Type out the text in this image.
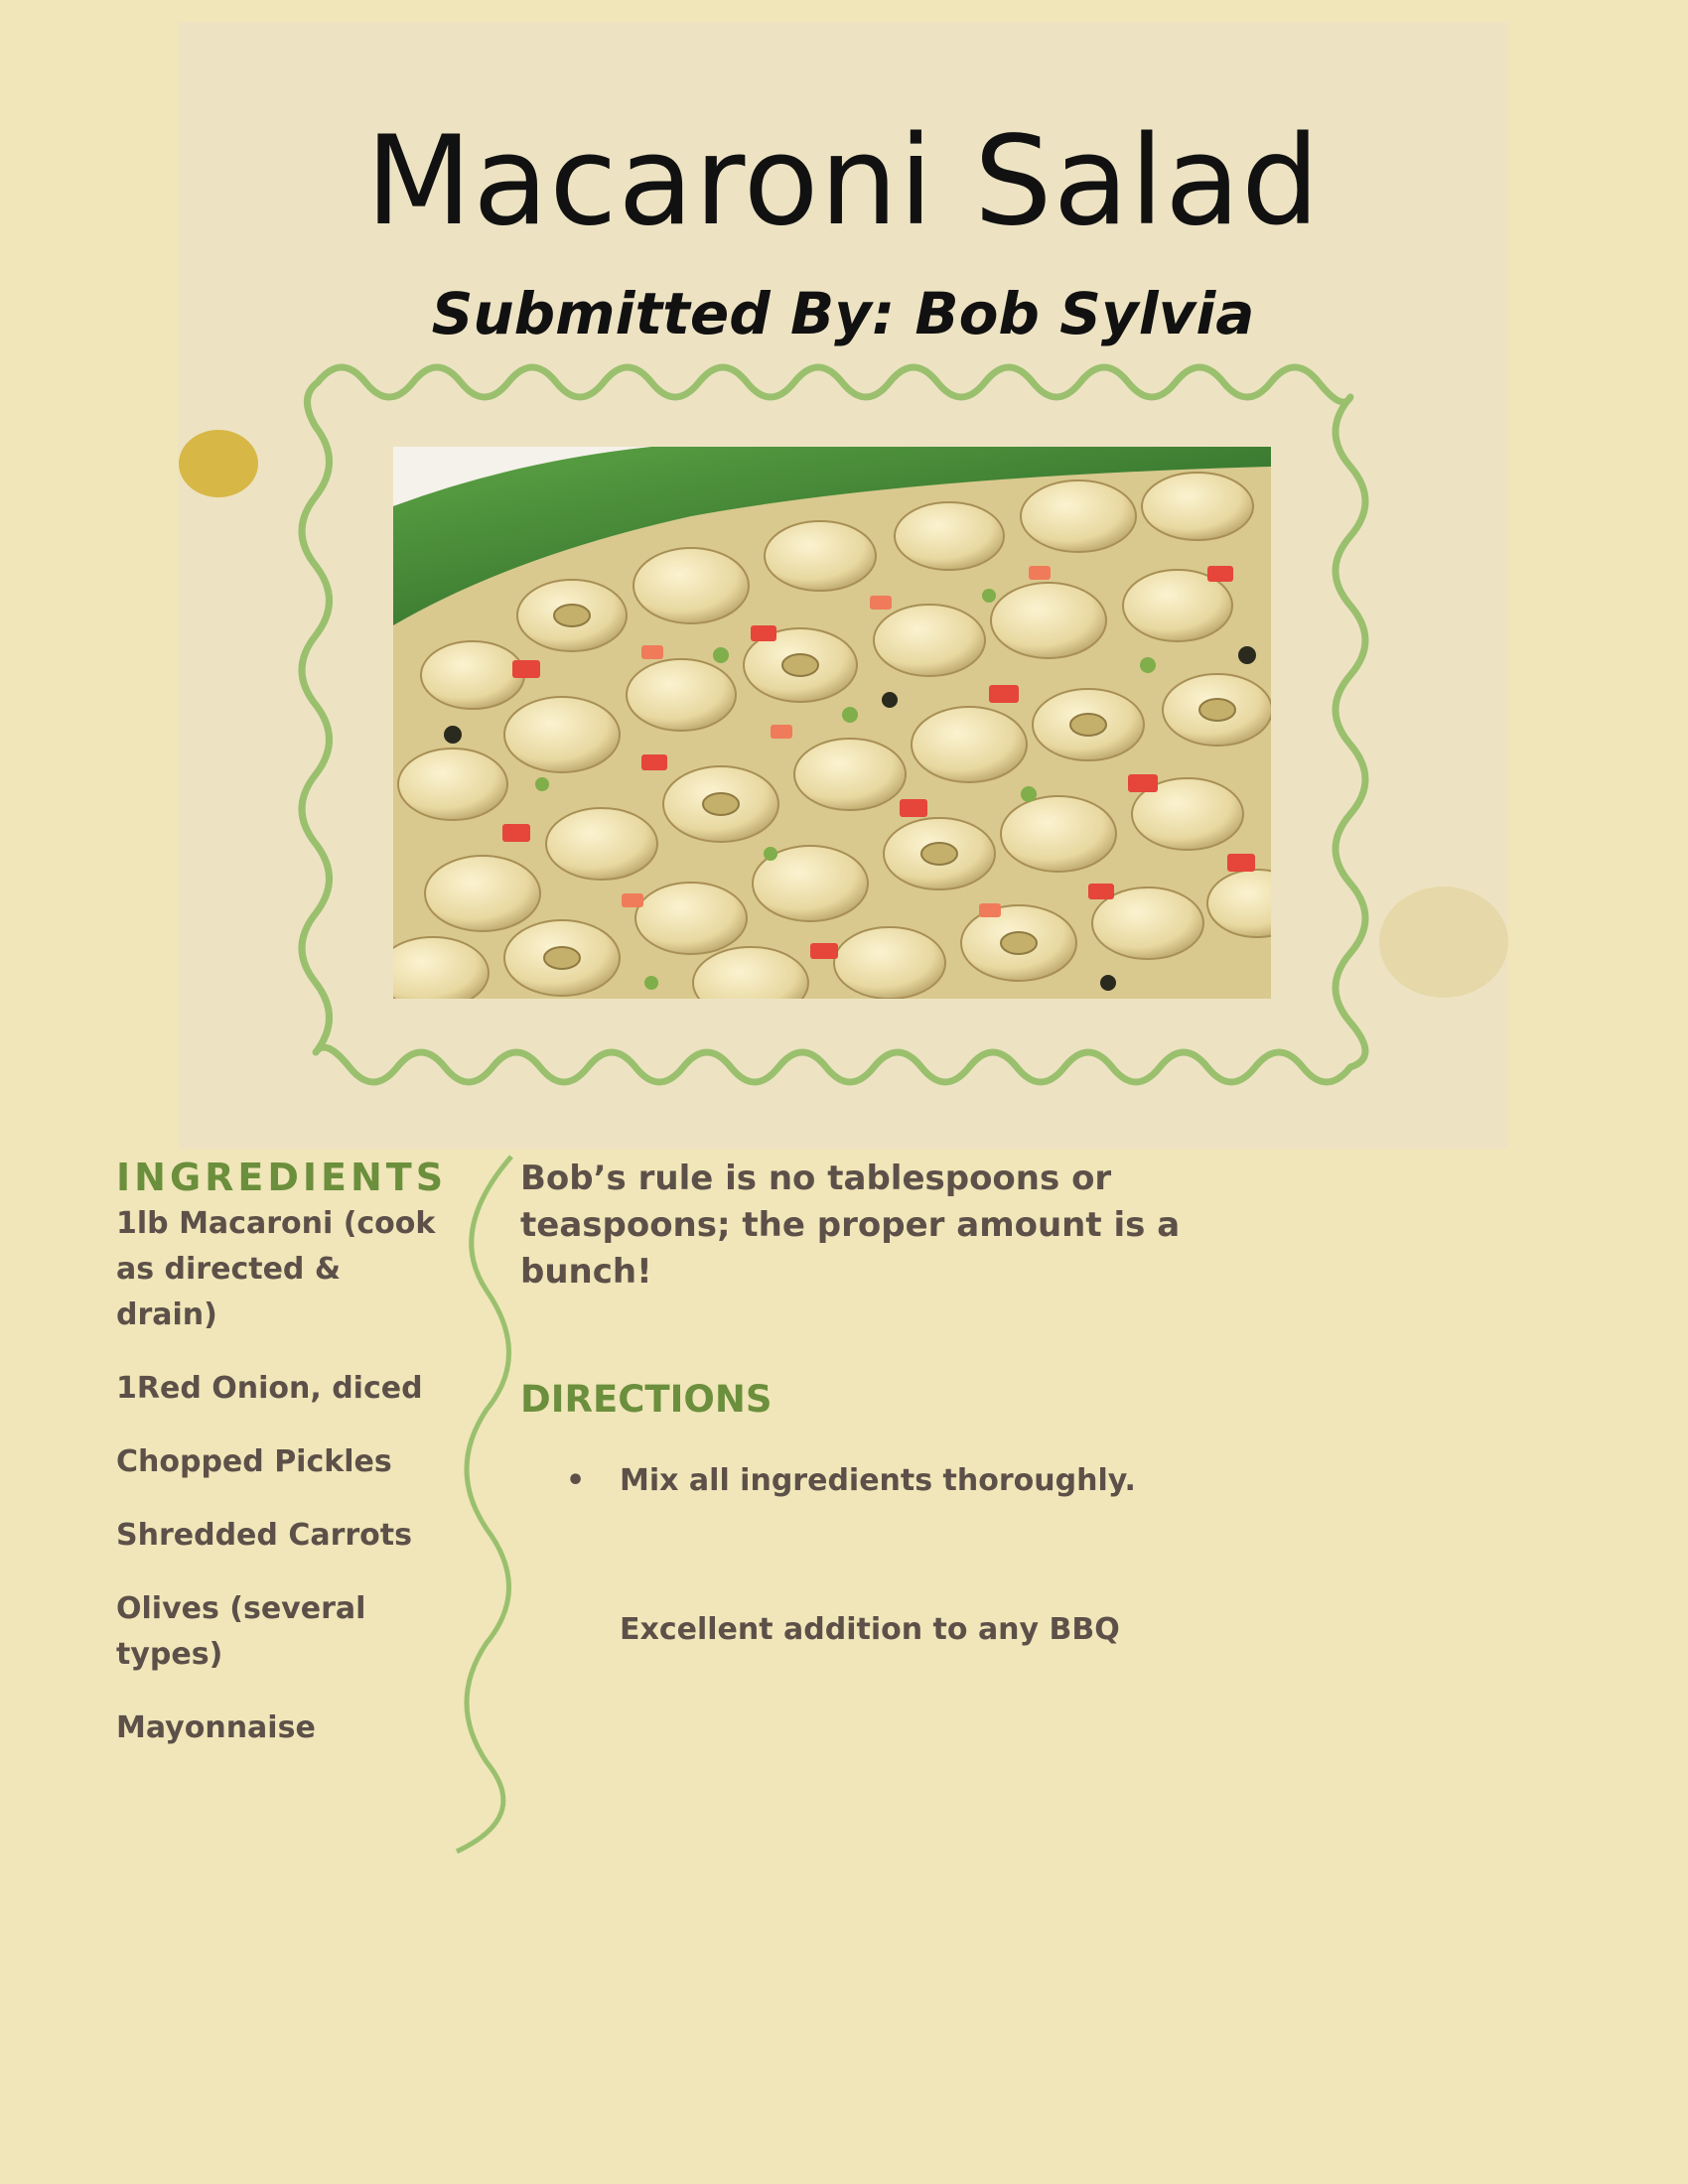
Macaroni Salad

Submitted By: Bob Sylvia

INGREDIENTS
1lb Macaroni (cook as directed & drain)
1Red Onion, diced
Chopped Pickles
Shredded Carrots
Olives (several types)
Mayonnaise

Bob’s rule is no tablespoons or teaspoons; the proper amount is a bunch!

DIRECTIONS
• Mix all ingredients thoroughly.

Excellent addition to any BBQ
